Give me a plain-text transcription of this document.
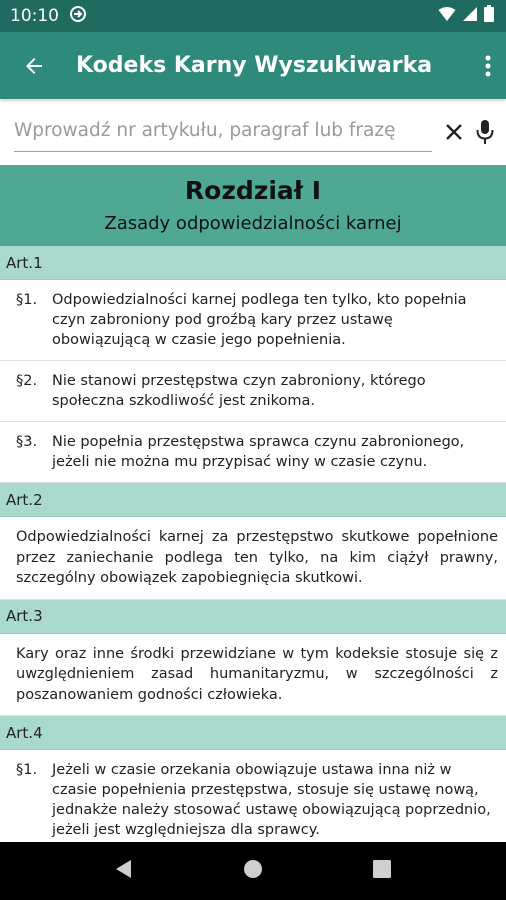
10:10
Kodeks Karny Wyszukiwarka
Wprowadź nr artykułu, paragraf lub frazę
Rozdział I
Zasady odpowiedzialności karnej
Art.1
§1.	Odpowiedzialności karnej podlega ten tylko, kto popełnia czyn zabroniony pod groźbą kary przez ustawę obowiązującą w czasie jego popełnienia.
§2.	Nie stanowi przestępstwa czyn zabroniony, którego społeczna szkodliwość jest znikoma.
§3.	Nie popełnia przestępstwa sprawca czynu zabronionego, jeżeli nie można mu przypisać winy w czasie czynu.
Art.2
Odpowiedzialności karnej za przestępstwo skutkowe popełnione przez zaniechanie podlega ten tylko, na kim ciążył prawny, szczególny obowiązek zapobiegnięcia skutkowi.
Art.3
Kary oraz inne środki przewidziane w tym kodeksie stosuje się z uwzględnieniem zasad humanitaryzmu, w szczególności z poszanowaniem godności człowieka.
Art.4
§1.	Jeżeli w czasie orzekania obowiązuje ustawa inna niż w czasie popełnienia przestępstwa, stosuje się ustawę nową, jednakże należy stosować ustawę obowiązującą poprzednio, jeżeli jest względniejsza dla sprawcy.
